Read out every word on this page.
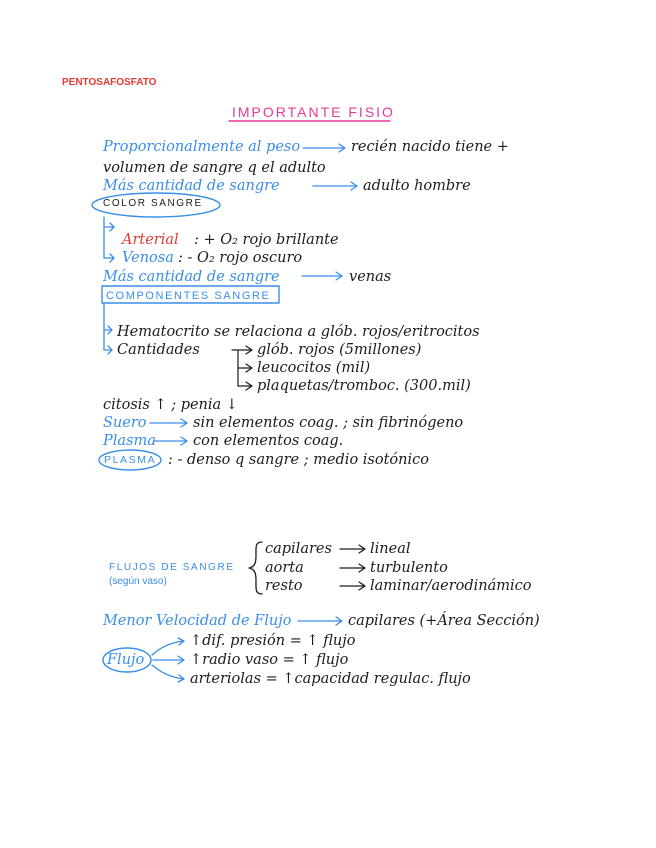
PENTOSAFOSFATO
IMPORTANTE FISIO
Proporcionalmente al peso	recién nacido tiene +
volumen de sangre q el adulto
Más cantidad de sangre	adulto hombre
COLOR SANGRE
Arterial : + O₂ rojo brillante
Venosa : - O₂ rojo oscuro
Más cantidad de sangre	venas
COMPONENTES SANGRE
Hematocrito se relaciona a glób. rojos/eritrocitos
Cantidades	glób. rojos (5millones)
leucocitos (mil)
plaquetas/tromboc. (300.mil)
citosis ↑ ; penia ↓
Suero	sin elementos coag. ; sin fibrinógeno
Plasma	con elementos coag.
PLASMA : - denso q sangre ; medio isotónico
FLUJOS DE SANGRE
(según vaso)
capilares	lineal
aorta	turbulento
resto	laminar/aerodinámico
Menor Velocidad de Flujo	capilares (+Área Sección)
Flujo
↑dif. presión = ↑ flujo
↑radio vaso = ↑ flujo
arteriolas = ↑capacidad regulac. flujo
